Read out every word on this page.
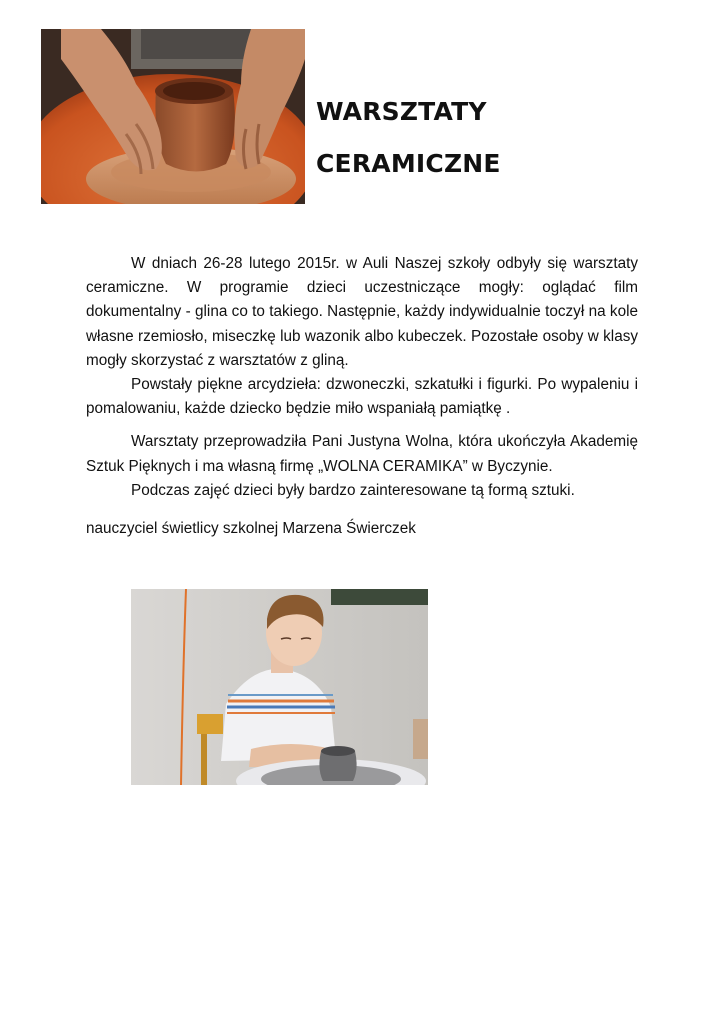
WARSZTATY
CERAMICZNE

W dniach 26-28 lutego 2015r. w Auli Naszej szkoły odbyły się warsztaty ceramiczne. W programie dzieci uczestniczące mogły: oglądać film dokumentalny - glina co to takiego. Następnie, każdy indywidualnie toczył na kole własne rzemiosło, miseczkę lub wazonik albo kubeczek. Pozostałe osoby w klasy mogły skorzystać z warsztatów z gliną.

Powstały piękne arcydzieła: dzwoneczki, szkatułki i figurki. Po wypaleniu i pomalowaniu, każde dziecko będzie miło wspaniałą pamiątkę .

Warsztaty przeprowadziła Pani Justyna Wolna, która ukończyła Akademię Sztuk Pięknych i ma własną firmę „WOLNA CERAMIKA” w Byczynie.

Podczas zajęć dzieci były bardzo zainteresowane tą formą sztuki.

nauczyciel świetlicy szkolnej Marzena Świerczek
